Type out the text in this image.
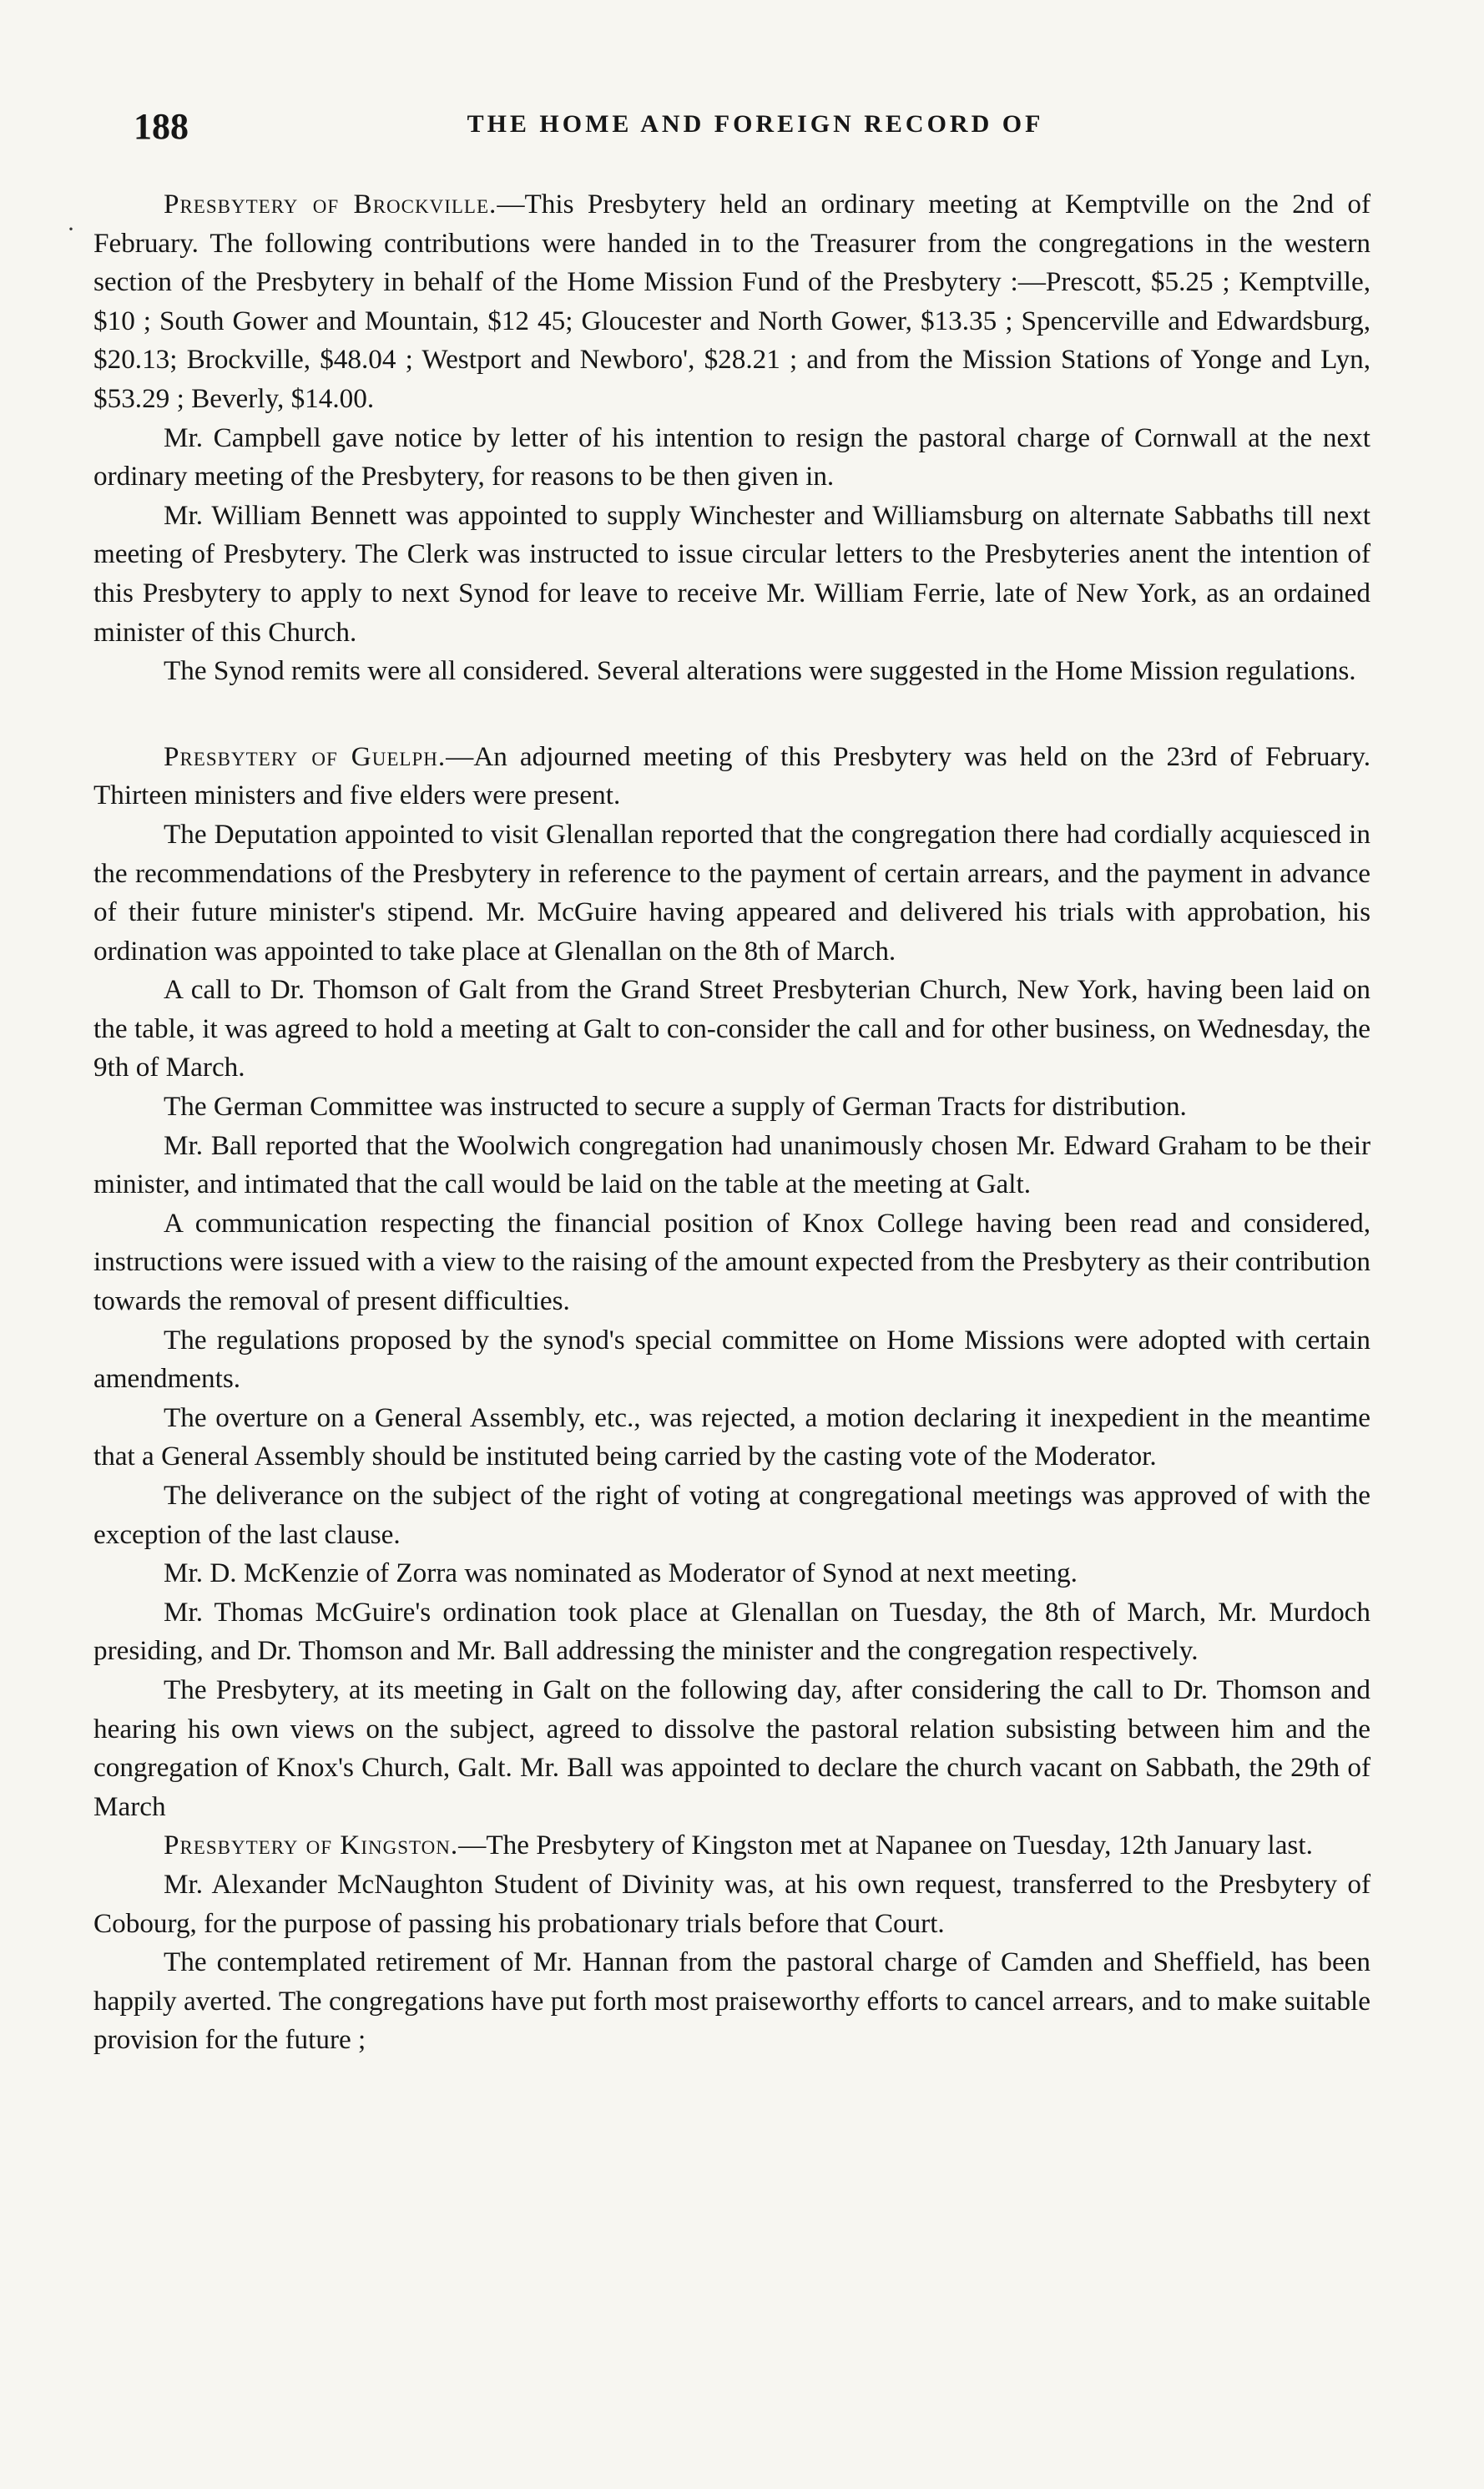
188	THE HOME AND FOREIGN RECORD OF
·

Presbytery of Brockville.—This Presbytery held an ordinary meeting at Kemptville on the 2nd of February. The following contributions were handed in to the Treasurer from the congregations in the western section of the Presbytery in behalf of the Home Mission Fund of the Presbytery :—Prescott, $5.25 ; Kemptville, $10 ; South Gower and Mountain, $12 45; Gloucester and North Gower, $13.35 ; Spencerville and Edwardsburg, $20.13; Brockville, $48.04 ; Westport and Newboro', $28.21 ; and from the Mission Stations of Yonge and Lyn, $53.29 ; Beverly, $14.00.

Mr. Campbell gave notice by letter of his intention to resign the pastoral charge of Cornwall at the next ordinary meeting of the Presbytery, for reasons to be then given in.

Mr. William Bennett was appointed to supply Winchester and Williamsburg on alternate Sabbaths till next meeting of Presbytery. The Clerk was instructed to issue circular letters to the Presbyteries anent the intention of this Presbytery to apply to next Synod for leave to receive Mr. William Ferrie, late of New York, as an ordained minister of this Church.

The Synod remits were all considered. Several alterations were suggested in the Home Mission regulations.

Presbytery of Guelph.—An adjourned meeting of this Presbytery was held on the 23rd of February. Thirteen ministers and five elders were present.

The Deputation appointed to visit Glenallan reported that the congregation there had cordially acquiesced in the recommendations of the Presbytery in reference to the payment of certain arrears, and the payment in advance of their future minister's stipend. Mr. McGuire having appeared and delivered his trials with approbation, his ordination was appointed to take place at Glenallan on the 8th of March.

A call to Dr. Thomson of Galt from the Grand Street Presbyterian Church, New York, having been laid on the table, it was agreed to hold a meeting at Galt to con-consider the call and for other business, on Wednesday, the 9th of March.

The German Committee was instructed to secure a supply of German Tracts for distribution.

Mr. Ball reported that the Woolwich congregation had unanimously chosen Mr. Edward Graham to be their minister, and intimated that the call would be laid on the table at the meeting at Galt.

A communication respecting the financial position of Knox College having been read and considered, instructions were issued with a view to the raising of the amount expected from the Presbytery as their contribution towards the removal of present difficulties.

The regulations proposed by the synod's special committee on Home Missions were adopted with certain amendments.

The overture on a General Assembly, etc., was rejected, a motion declaring it inexpedient in the meantime that a General Assembly should be instituted being carried by the casting vote of the Moderator.

The deliverance on the subject of the right of voting at congregational meetings was approved of with the exception of the last clause.

Mr. D. McKenzie of Zorra was nominated as Moderator of Synod at next meeting.

Mr. Thomas McGuire's ordination took place at Glenallan on Tuesday, the 8th of March, Mr. Murdoch presiding, and Dr. Thomson and Mr. Ball addressing the minister and the congregation respectively.

The Presbytery, at its meeting in Galt on the following day, after considering the call to Dr. Thomson and hearing his own views on the subject, agreed to dissolve the pastoral relation subsisting between him and the congregation of Knox's Church, Galt. Mr. Ball was appointed to declare the church vacant on Sabbath, the 29th of March

Presbytery of Kingston.—The Presbytery of Kingston met at Napanee on Tuesday, 12th January last.

Mr. Alexander McNaughton Student of Divinity was, at his own request, transferred to the Presbytery of Cobourg, for the purpose of passing his probationary trials before that Court.

The contemplated retirement of Mr. Hannan from the pastoral charge of Camden and Sheffield, has been happily averted. The congregations have put forth most praiseworthy efforts to cancel arrears, and to make suitable provision for the future ;
